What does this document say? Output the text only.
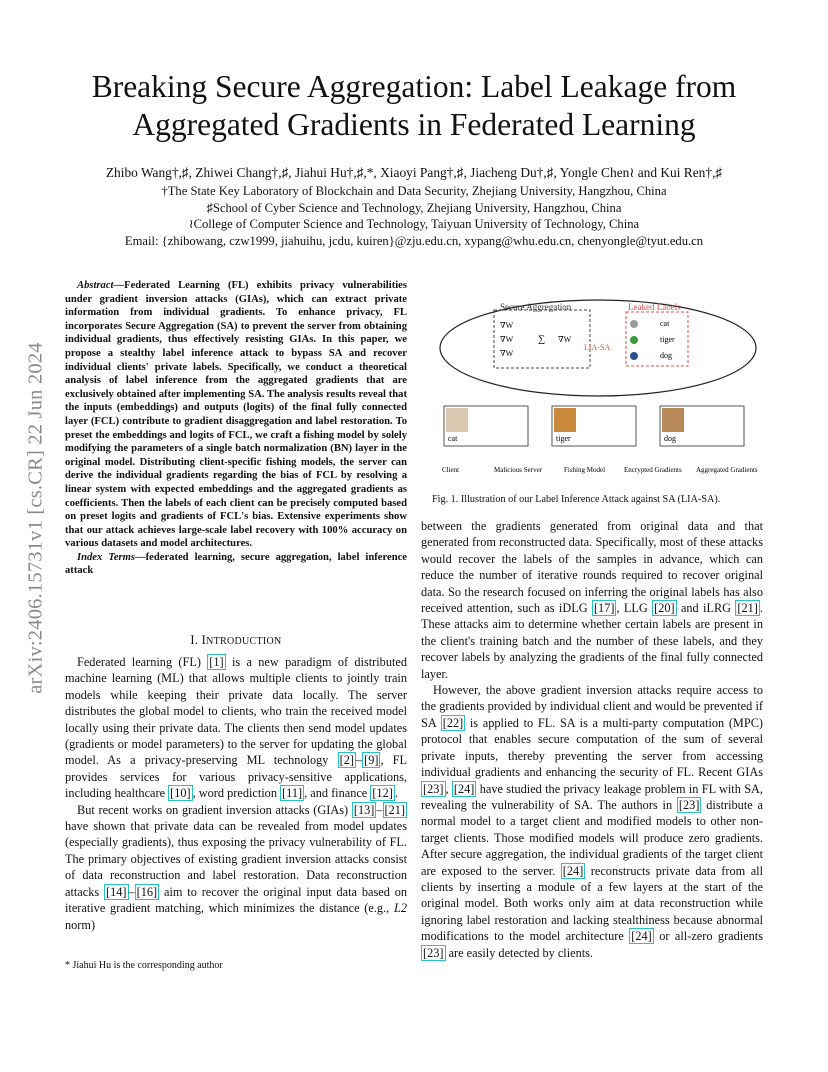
arXiv:2406.15731v1 [cs.CR] 22 Jun 2024
Breaking Secure Aggregation: Label Leakage from
Aggregated Gradients in Federated Learning
Zhibo Wang†,♯, Zhiwei Chang†,♯, Jiahui Hu†,♯,*, Xiaoyi Pang†,♯, Jiacheng Du†,♯, Yongle Chen≀ and Kui Ren†,♯
†The State Key Laboratory of Blockchain and Data Security, Zhejiang University, Hangzhou, China
♯School of Cyber Science and Technology, Zhejiang University, Hangzhou, China
≀College of Computer Science and Technology, Taiyuan University of Technology, China
Email: {zhibowang, czw1999, jiahuihu, jcdu, kuiren}@zju.edu.cn, xypang@whu.edu.cn, chenyongle@tyut.edu.cn

Abstract—Federated Learning (FL) exhibits privacy vulnerabilities under gradient inversion attacks (GIAs), which can extract private information from individual gradients. To enhance privacy, FL incorporates Secure Aggregation (SA) to prevent the server from obtaining individual gradients, thus effectively resisting GIAs. In this paper, we propose a stealthy label inference attack to bypass SA and recover individual clients' private labels. Specifically, we conduct a theoretical analysis of label inference from the aggregated gradients that are exclusively obtained after implementing SA. The analysis results reveal that the inputs (embeddings) and outputs (logits) of the final fully connected layer (FCL) contribute to gradient disaggregation and label restoration. To preset the embeddings and logits of FCL, we craft a fishing model by solely modifying the parameters of a single batch normalization (BN) layer in the original model. Distributing client-specific fishing models, the server can derive the individual gradients regarding the bias of FCL by resolving a linear system with expected embeddings and the aggregated gradients as coefficients. Then the labels of each client can be precisely computed based on preset logits and gradients of FCL's bias. Extensive experiments show that our attack achieves large-scale label recovery with 100% accuracy on various datasets and model architectures.

Index Terms—federated learning, secure aggregation, label inference attack

I. INTRODUCTION

Federated learning (FL) [1] is a new paradigm of distributed machine learning (ML) that allows multiple clients to jointly train models while keeping their private data locally. The server distributes the global model to clients, who train the received model locally using their private data. The clients then send model updates (gradients or model parameters) to the server for updating the global model. As a privacy-preserving ML technology [2] – [9] , FL provides services for various privacy-sensitive applications, including healthcare [10] , word prediction [11] , and finance [12] .

But recent works on gradient inversion attacks (GIAs) [13] – [21] have shown that private data can be revealed from model updates (especially gradients), thus exposing the privacy vulnerability of FL. The primary objectives of existing gradient inversion attacks consist of data reconstruction and label restoration. Data reconstruction attacks [14] – [16] aim to recover the original input data based on iterative gradient matching, which minimizes the distance (e.g., L2 norm)

* Jiahui Hu is the corresponding author
Secure Aggregation
∇W
∇W
∇W
∑ ∇W
LIA-SA
Leaked Labels
cat
tiger
dog
cat	tiger	dog
Client	Malicious Server	Fishing Model	Encrypted Gradients Aggregated Gradients
Fig. 1. Illustration of our Label Inference Attack against SA (LIA-SA).

between the gradients generated from original data and that generated from reconstructed data. Specifically, most of these attacks would recover the labels of the samples in advance, which can reduce the number of iterative rounds required to recover original data. So the research focused on inferring the original labels has also received attention, such as iDLG [17] , LLG [20] and iLRG [21] . These attacks aim to determine whether certain labels are present in the client's training batch and the number of these labels, and they recover labels by analyzing the gradients of the final fully connected layer.

However, the above gradient inversion attacks require access to the gradients provided by individual client and would be prevented if SA [22] is applied to FL. SA is a multi-party computation (MPC) protocol that enables secure computation of the sum of several private inputs, thereby preventing the server from accessing individual gradients and enhancing the security of FL. Recent GIAs [23] , [24] have studied the privacy leakage problem in FL with SA, revealing the vulnerability of SA. The authors in [23] distribute a normal model to a target client and modified models to other non-target clients. Those modified models will produce zero gradients. After secure aggregation, the individual gradients of the target client are exposed to the server. [24] reconstructs private data from all clients by inserting a module of a few layers at the start of the original model. Both works only aim at data reconstruction while ignoring label restoration and lacking stealthiness because abnormal modifications to the model architecture [24] or all-zero gradients [23] are easily detected by clients.
